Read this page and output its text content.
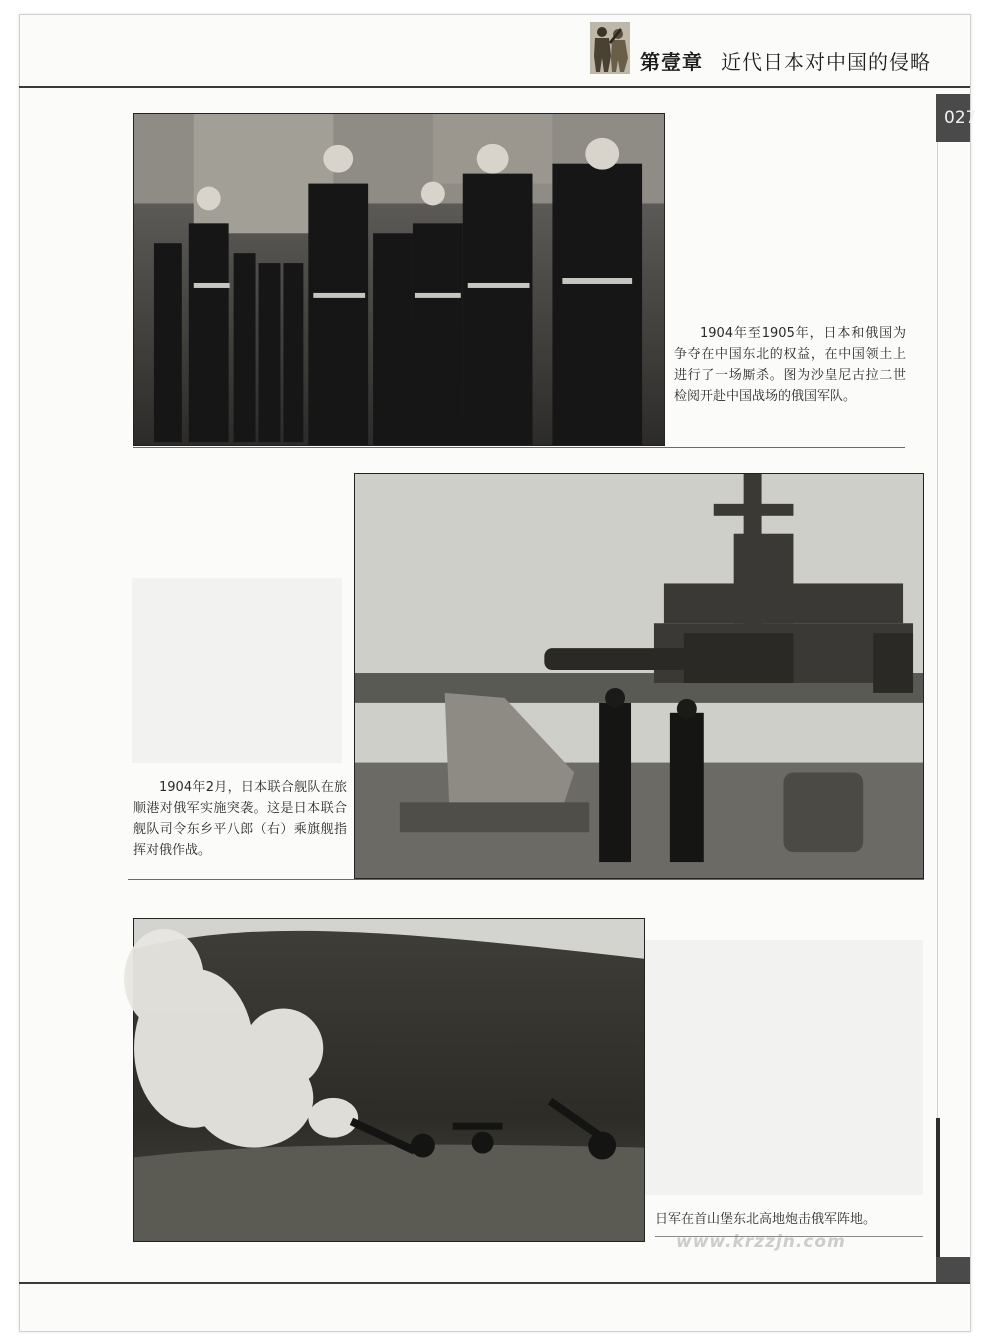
第壹章 近代日本对中国的侵略
027
1904年至1905年，日本和俄国为争夺在中国东北的权益，在中国领土上进行了一场厮杀。图为沙皇尼古拉二世检阅开赴中国战场的俄国军队。
1904年2月，日本联合舰队在旅顺港对俄军实施突袭。这是日本联合舰队司令东乡平八郎（右）乘旗舰指挥对俄作战。
日军在首山堡东北高地炮击俄军阵地。
www.krzzjn.com
